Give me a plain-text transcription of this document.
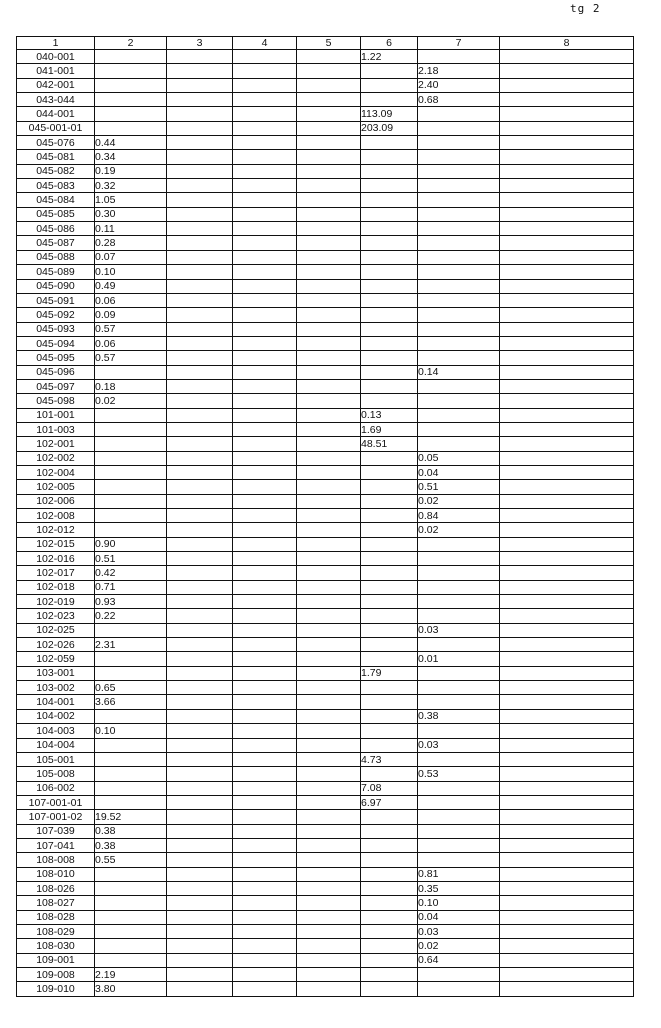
tg 2
1	2	3	4	5	6	7	8
040-001					1.22		
041-001						2.18	
042-001						2.40	
043-044						0.68	
044-001					113.09		
045-001-01					203.09		
045-076	0.44						
045-081	0.34						
045-082	0.19						
045-083	0.32						
045-084	1.05						
045-085	0.30						
045-086	0.11						
045-087	0.28						
045-088	0.07						
045-089	0.10						
045-090	0.49						
045-091	0.06						
045-092	0.09						
045-093	0.57						
045-094	0.06						
045-095	0.57						
045-096						0.14	
045-097	0.18						
045-098	0.02						
101-001					0.13		
101-003					1.69		
102-001					48.51		
102-002						0.05	
102-004						0.04	
102-005						0.51	
102-006						0.02	
102-008						0.84	
102-012						0.02	
102-015	0.90						
102-016	0.51						
102-017	0.42						
102-018	0.71						
102-019	0.93						
102-023	0.22						
102-025						0.03	
102-026	2.31						
102-059						0.01	
103-001					1.79		
103-002	0.65						
104-001	3.66						
104-002						0.38	
104-003	0.10						
104-004						0.03	
105-001					4.73		
105-008						0.53	
106-002					7.08		
107-001-01					6.97		
107-001-02	19.52						
107-039	0.38						
107-041	0.38						
108-008	0.55						
108-010						0.81	
108-026						0.35	
108-027						0.10	
108-028						0.04	
108-029						0.03	
108-030						0.02	
109-001						0.64	
109-008	2.19						
109-010	3.80						
